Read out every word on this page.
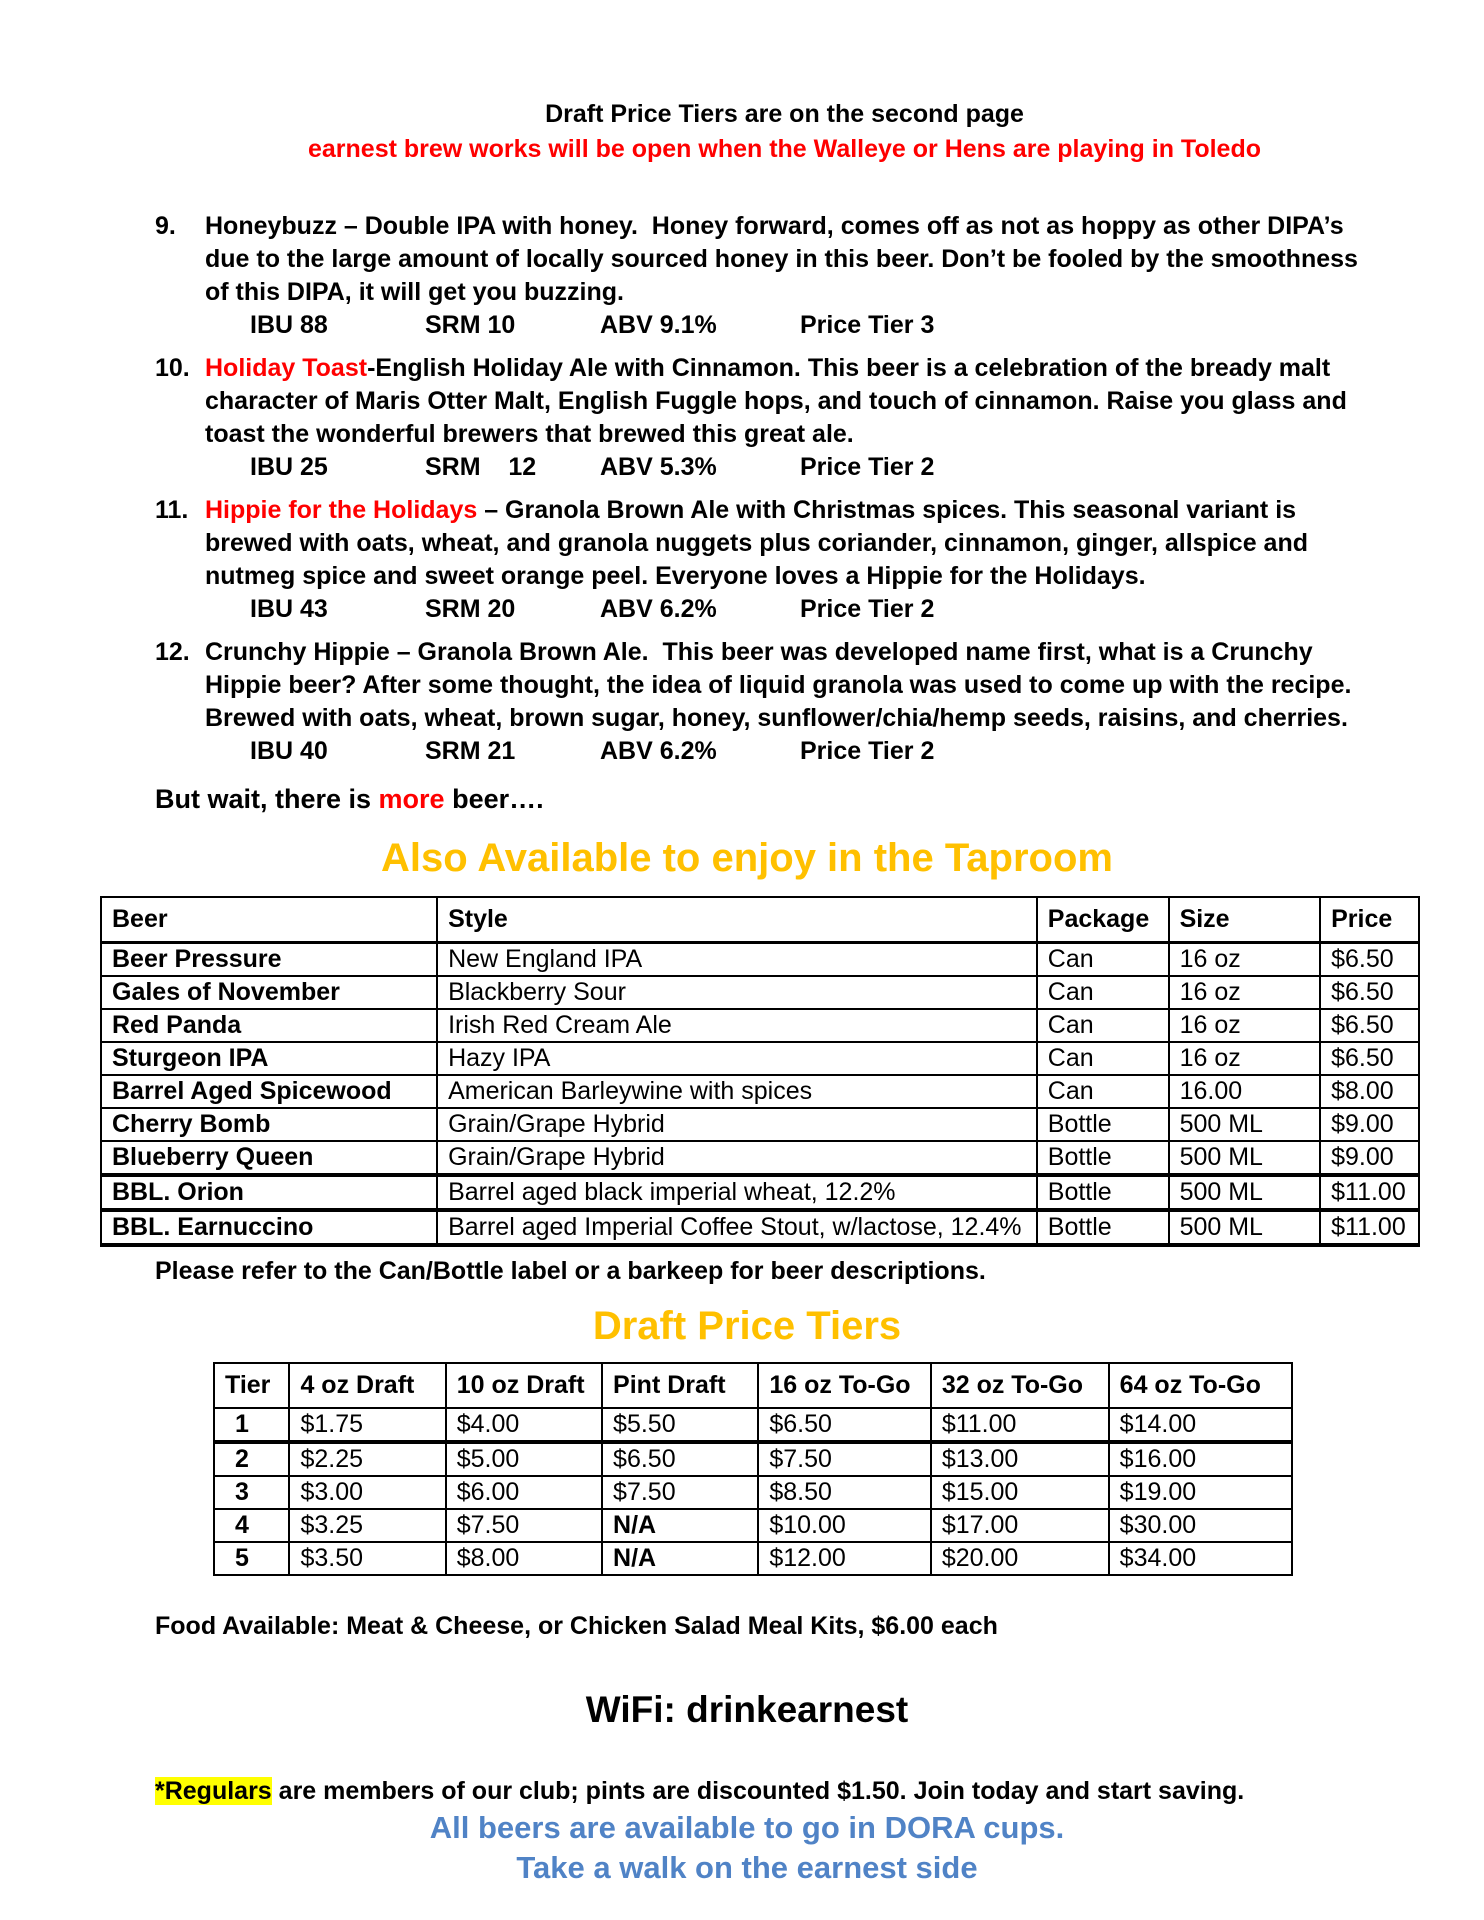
Draft Price Tiers are on the second page
earnest brew works will be open when the Walleye or Hens are playing in Toledo
9. Honeybuzz – Double IPA with honey.  Honey forward, comes off as not as hoppy as other DIPA’s due to the large amount of locally sourced honey in this beer. Don’t be fooled by the smoothness of this DIPA, it will get you buzzing.
IBU 88	SRM 10	ABV 9.1%	Price Tier 3
10. Holiday Toast-English Holiday Ale with Cinnamon. This beer is a celebration of the bready malt character of Maris Otter Malt, English Fuggle hops, and touch of cinnamon. Raise you glass and toast the wonderful brewers that brewed this great ale.
IBU 25	SRM    12	ABV 5.3%	Price Tier 2
11. Hippie for the Holidays – Granola Brown Ale with Christmas spices. This seasonal variant is brewed with oats, wheat, and granola nuggets plus coriander, cinnamon, ginger, allspice and nutmeg spice and sweet orange peel. Everyone loves a Hippie for the Holidays.
IBU 43	SRM 20	ABV 6.2%	Price Tier 2
12. Crunchy Hippie – Granola Brown Ale.  This beer was developed name first, what is a Crunchy Hippie beer? After some thought, the idea of liquid granola was used to come up with the recipe. Brewed with oats, wheat, brown sugar, honey, sunflower/chia/hemp seeds, raisins, and cherries.
IBU 40	SRM 21	ABV 6.2%	Price Tier 2
But wait, there is more beer….
Also Available to enjoy in the Taproom
Beer	Style	Package	Size	Price
Beer Pressure	New England IPA	Can	16 oz	$6.50
Gales of November	Blackberry Sour	Can	16 oz	$6.50
Red Panda	Irish Red Cream Ale	Can	16 oz	$6.50
Sturgeon IPA	Hazy IPA	Can	16 oz	$6.50
Barrel Aged Spicewood	American Barleywine with spices	Can	16.00	$8.00
Cherry Bomb	Grain/Grape Hybrid	Bottle	500 ML	$9.00
Blueberry Queen	Grain/Grape Hybrid	Bottle	500 ML	$9.00
BBL. Orion	Barrel aged black imperial wheat, 12.2%	Bottle	500 ML	$11.00
BBL. Earnuccino	Barrel aged Imperial Coffee Stout, w/lactose, 12.4%	Bottle	500 ML	$11.00
Please refer to the Can/Bottle label or a barkeep for beer descriptions.
Draft Price Tiers
Tier	4 oz Draft	10 oz Draft	Pint Draft	16 oz To-Go	32 oz To-Go	64 oz To-Go
1	$1.75	$4.00	$5.50	$6.50	$11.00	$14.00
2	$2.25	$5.00	$6.50	$7.50	$13.00	$16.00
3	$3.00	$6.00	$7.50	$8.50	$15.00	$19.00
4	$3.25	$7.50	N/A	$10.00	$17.00	$30.00
5	$3.50	$8.00	N/A	$12.00	$20.00	$34.00
Food Available: Meat & Cheese, or Chicken Salad Meal Kits, $6.00 each
WiFi: drinkearnest
*Regulars are members of our club; pints are discounted $1.50. Join today and start saving.
All beers are available to go in DORA cups.
Take a walk on the earnest side
